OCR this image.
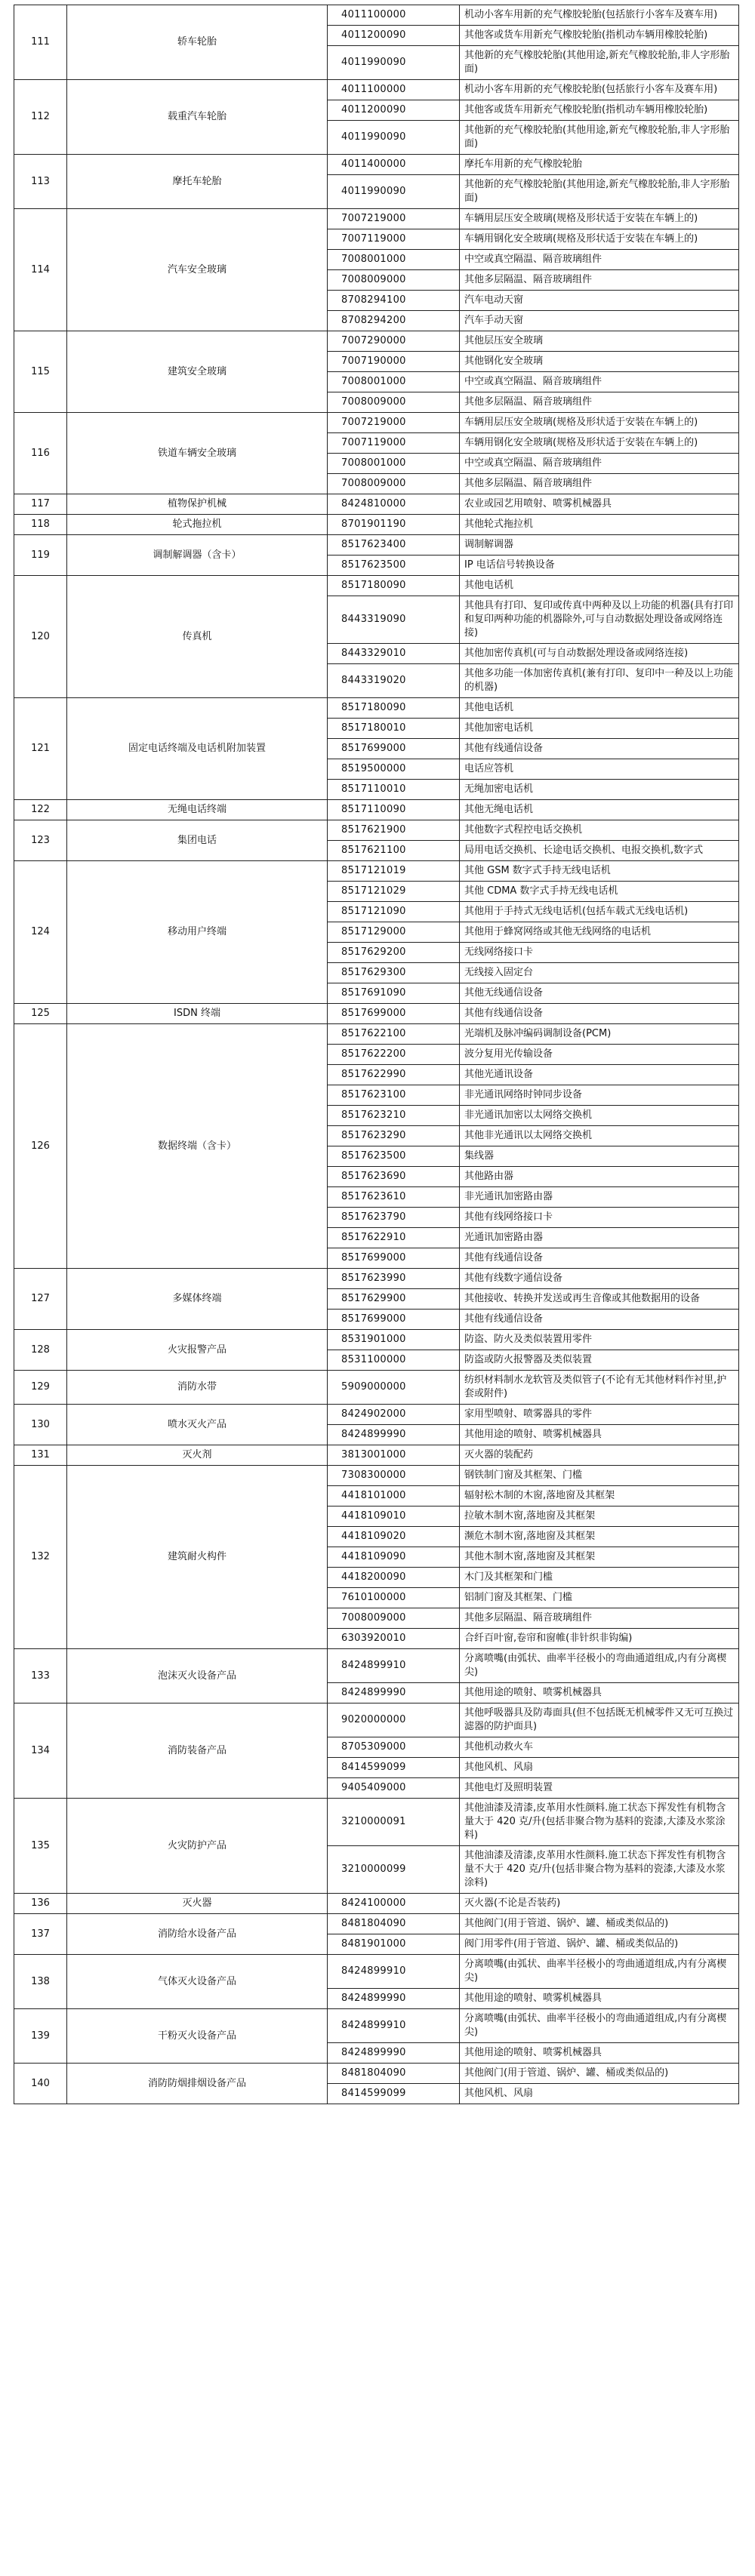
111	轿车轮胎	4011100000	机动小客车用新的充气橡胶轮胎(包括旅行小客车及赛车用)
		4011200090	其他客或货车用新充气橡胶轮胎(指机动车辆用橡胶轮胎)
		4011990090	其他新的充气橡胶轮胎(其他用途,新充气橡胶轮胎,非人字形胎面)
112	载重汽车轮胎	4011100000	机动小客车用新的充气橡胶轮胎(包括旅行小客车及赛车用)
		4011200090	其他客或货车用新充气橡胶轮胎(指机动车辆用橡胶轮胎)
		4011990090	其他新的充气橡胶轮胎(其他用途,新充气橡胶轮胎,非人字形胎面)
113	摩托车轮胎	4011400000	摩托车用新的充气橡胶轮胎
		4011990090	其他新的充气橡胶轮胎(其他用途,新充气橡胶轮胎,非人字形胎面)
114	汽车安全玻璃	7007219000	车辆用层压安全玻璃(规格及形状适于安装在车辆上的)
		7007119000	车辆用钢化安全玻璃(规格及形状适于安装在车辆上的)
		7008001000	中空或真空隔温、隔音玻璃组件
		7008009000	其他多层隔温、隔音玻璃组件
		8708294100	汽车电动天窗
		8708294200	汽车手动天窗
115	建筑安全玻璃	7007290000	其他层压安全玻璃
		7007190000	其他钢化安全玻璃
		7008001000	中空或真空隔温、隔音玻璃组件
		7008009000	其他多层隔温、隔音玻璃组件
116	铁道车辆安全玻璃	7007219000	车辆用层压安全玻璃(规格及形状适于安装在车辆上的)
		7007119000	车辆用钢化安全玻璃(规格及形状适于安装在车辆上的)
		7008001000	中空或真空隔温、隔音玻璃组件
		7008009000	其他多层隔温、隔音玻璃组件
117	植物保护机械	8424810000	农业或园艺用喷射、喷雾机械器具
118	轮式拖拉机	8701901190	其他轮式拖拉机
119	调制解调器（含卡）	8517623400	调制解调器
		8517623500	IP 电话信号转换设备
120	传真机	8517180090	其他电话机
		8443319090	其他具有打印、复印或传真中两种及以上功能的机器(具有打印和复印两种功能的机器除外,可与自动数据处理设备或网络连接)
		8443329010	其他加密传真机(可与自动数据处理设备或网络连接)
		8443319020	其他多功能一体加密传真机(兼有打印、复印中一种及以上功能的机器)
121	固定电话终端及电话机附加装置	8517180090	其他电话机
		8517180010	其他加密电话机
		8517699000	其他有线通信设备
		8519500000	电话应答机
		8517110010	无绳加密电话机
122	无绳电话终端	8517110090	其他无绳电话机
123	集团电话	8517621900	其他数字式程控电话交换机
		8517621100	局用电话交换机、长途电话交换机、电报交换机,数字式
124	移动用户终端	8517121019	其他 GSM 数字式手持无线电话机
		8517121029	其他 CDMA 数字式手持无线电话机
		8517121090	其他用于手持式无线电话机(包括车载式无线电话机)
		8517129000	其他用于蜂窝网络或其他无线网络的电话机
		8517629200	无线网络接口卡
		8517629300	无线接入固定台
		8517691090	其他无线通信设备
125	ISDN 终端	8517699000	其他有线通信设备
126	数据终端（含卡）	8517622100	光端机及脉冲编码调制设备(PCM)
		8517622200	波分复用光传输设备
		8517622990	其他光通讯设备
		8517623100	非光通讯网络时钟同步设备
		8517623210	非光通讯加密以太网络交换机
		8517623290	其他非光通讯以太网络交换机
		8517623500	集线器
		8517623690	其他路由器
		8517623610	非光通讯加密路由器
		8517623790	其他有线网络接口卡
		8517622910	光通讯加密路由器
		8517699000	其他有线通信设备
127	多媒体终端	8517623990	其他有线数字通信设备
		8517629900	其他接收、转换并发送或再生音像或其他数据用的设备
		8517699000	其他有线通信设备
128	火灾报警产品	8531901000	防盗、防火及类似装置用零件
		8531100000	防盗或防火报警器及类似装置
129	消防水带	5909000000	纺织材料制水龙软管及类似管子(不论有无其他材料作衬里,护套或附件)
130	喷水灭火产品	8424902000	家用型喷射、喷雾器具的零件
		8424899990	其他用途的喷射、喷雾机械器具
131	灭火剂	3813001000	灭火器的装配药
132	建筑耐火构件	7308300000	钢铁制门窗及其框架、门槛
		4418101000	辐射松木制的木窗,落地窗及其框架
		4418109010	拉敏木制木窗,落地窗及其框架
		4418109020	濒危木制木窗,落地窗及其框架
		4418109090	其他木制木窗,落地窗及其框架
		4418200090	木门及其框架和门槛
		7610100000	铝制门窗及其框架、门槛
		7008009000	其他多层隔温、隔音玻璃组件
		6303920010	合纤百叶窗,卷帘和窗帷(非针织非钩编)
133	泡沫灭火设备产品	8424899910	分离喷嘴(由弧状、曲率半径极小的弯曲通道组成,内有分离楔尖)
		8424899990	其他用途的喷射、喷雾机械器具
134	消防装备产品	9020000000	其他呼吸器具及防毒面具(但不包括既无机械零件又无可互换过滤器的防护面具)
		8705309000	其他机动救火车
		8414599099	其他风机、风扇
		9405409000	其他电灯及照明装置
135	火灾防护产品	3210000091	其他油漆及清漆,皮革用水性颜料.施工状态下挥发性有机物含量大于 420 克/升(包括非聚合物为基料的瓷漆,大漆及水浆涂料)
		3210000099	其他油漆及清漆,皮革用水性颜料.施工状态下挥发性有机物含量不大于 420 克/升(包括非聚合物为基料的瓷漆,大漆及水浆涂料)
136	灭火器	8424100000	灭火器(不论是否装药)
137	消防给水设备产品	8481804090	其他阀门(用于管道、锅炉、罐、桶或类似品的)
		8481901000	阀门用零件(用于管道、锅炉、罐、桶或类似品的)
138	气体灭火设备产品	8424899910	分离喷嘴(由弧状、曲率半径极小的弯曲通道组成,内有分离楔尖)
		8424899990	其他用途的喷射、喷雾机械器具
139	干粉灭火设备产品	8424899910	分离喷嘴(由弧状、曲率半径极小的弯曲通道组成,内有分离楔尖)
		8424899990	其他用途的喷射、喷雾机械器具
140	消防防烟排烟设备产品	8481804090	其他阀门(用于管道、锅炉、罐、桶或类似品的)
		8414599099	其他风机、风扇
